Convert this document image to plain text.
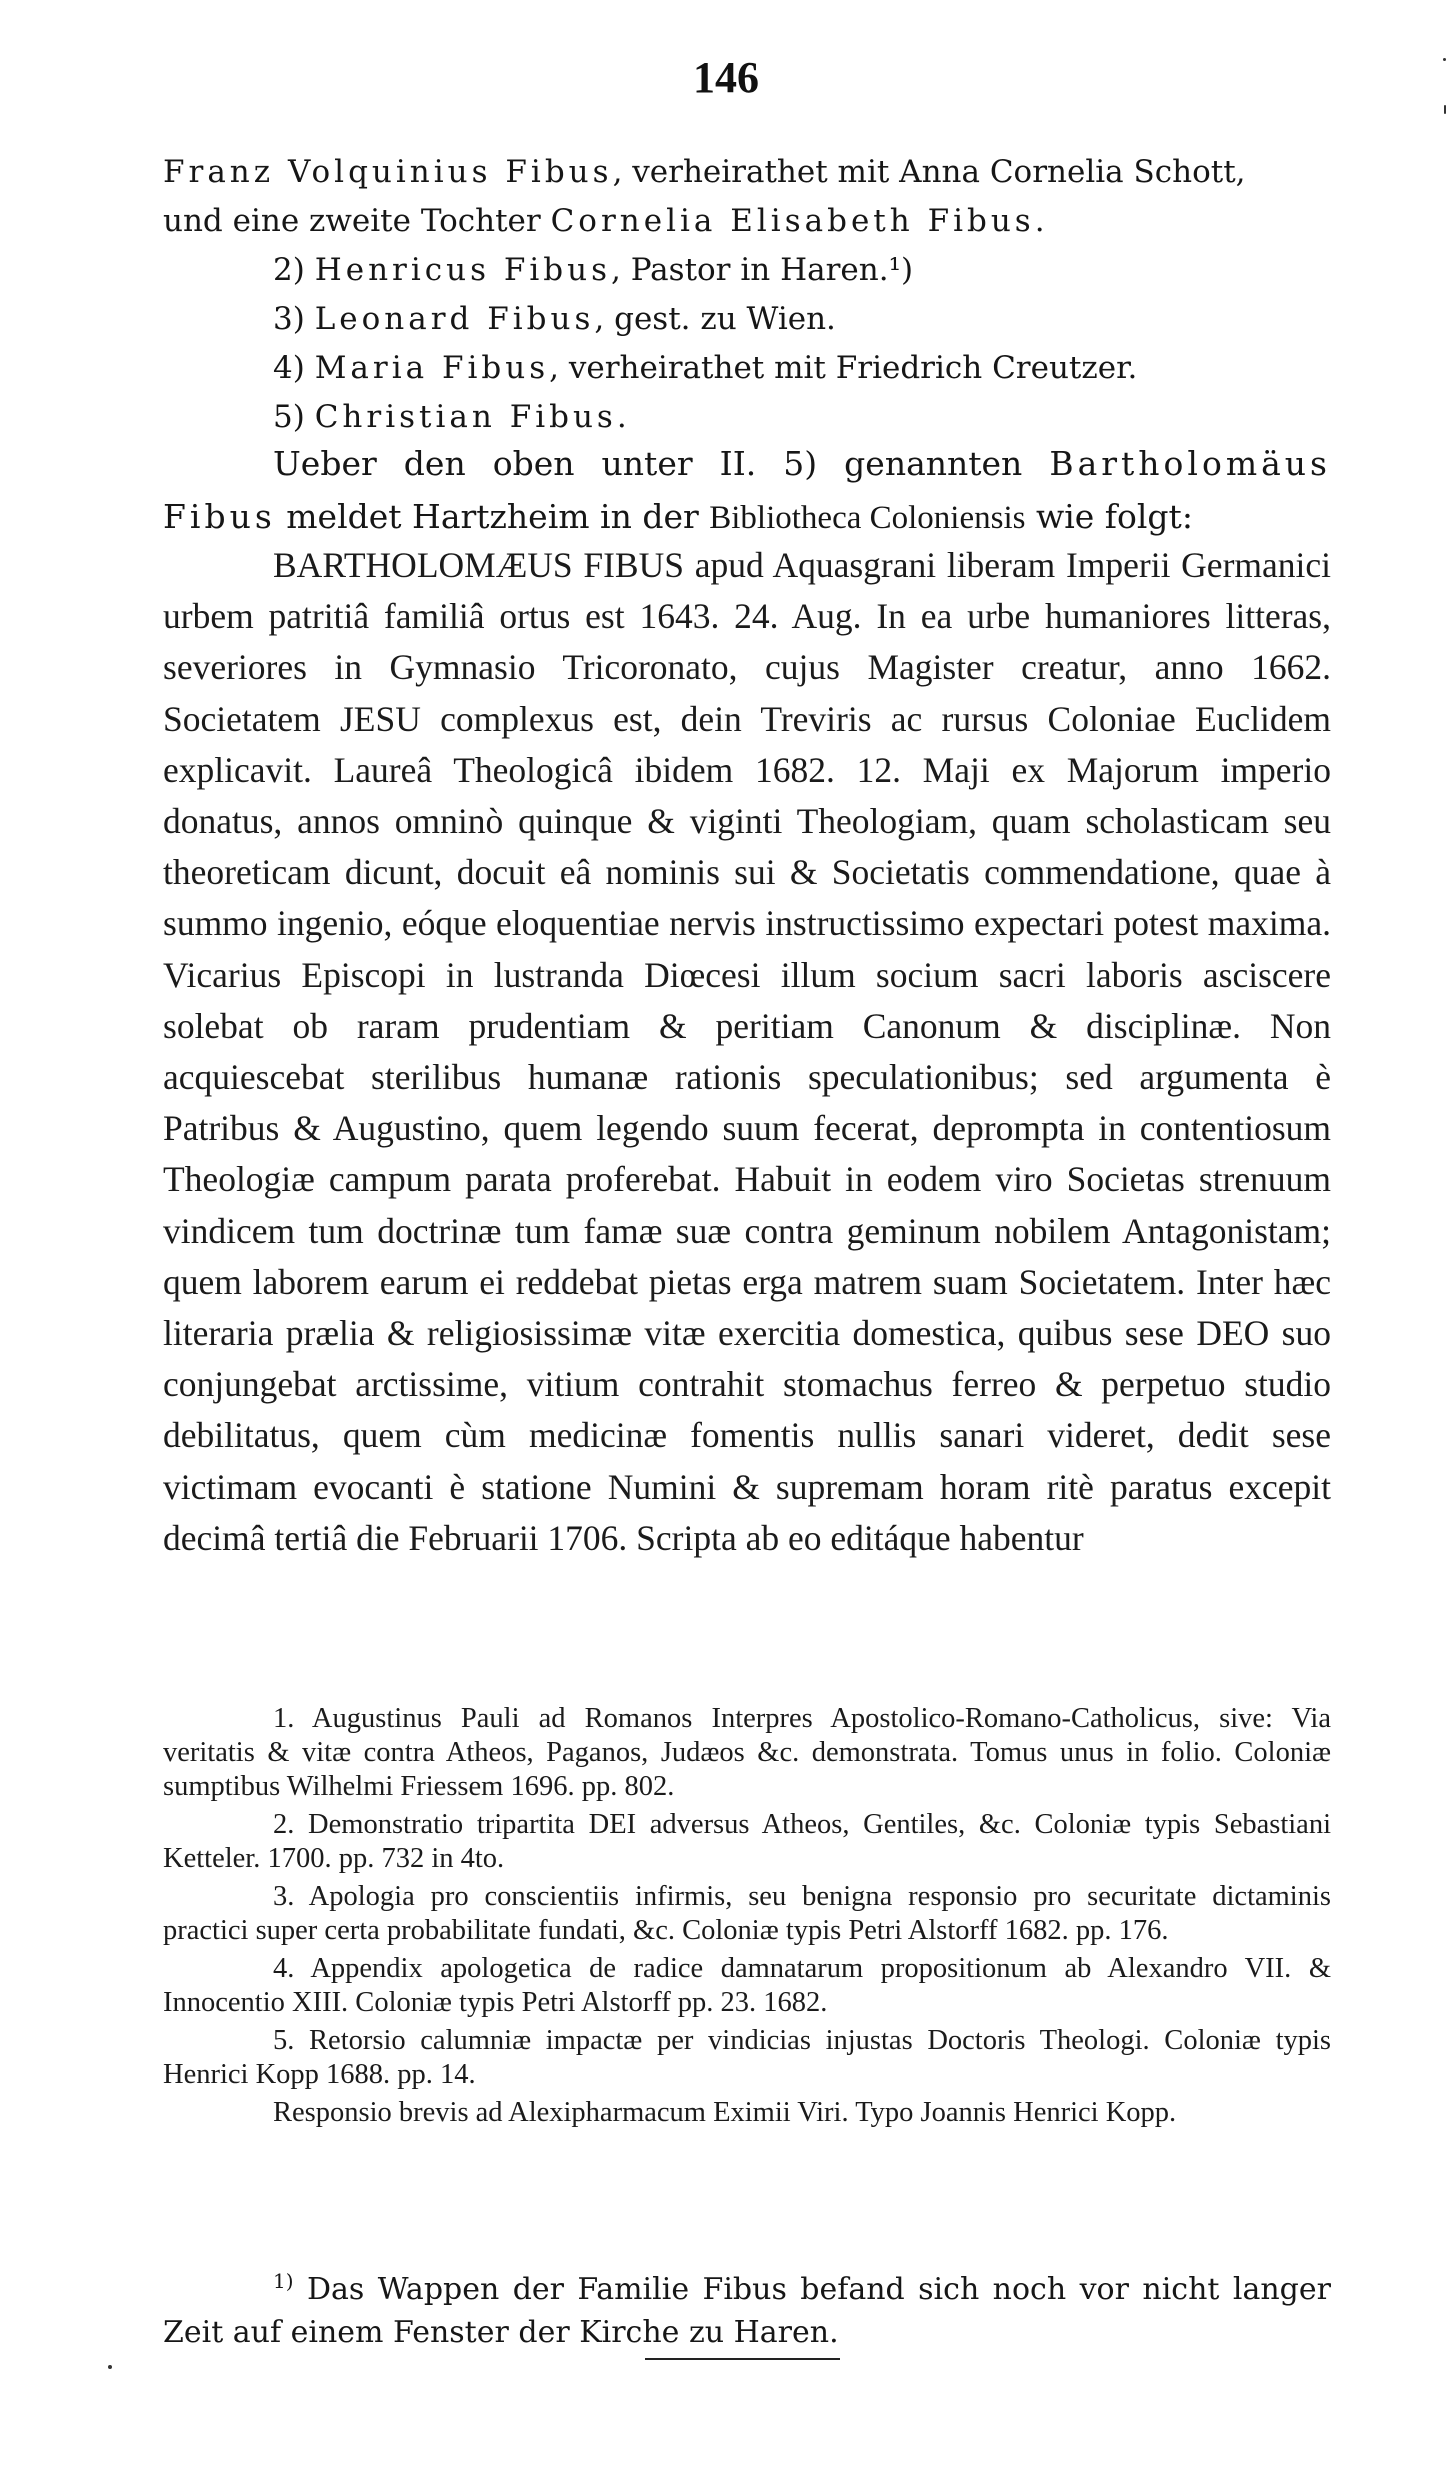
146
Franz Volquinius Fibus, verheirathet mit Anna Cornelia Schott,
und eine zweite Tochter Cornelia Elisabeth Fibus.
2) Henricus Fibus, Pastor in Haren.¹)
3) Leonard Fibus, gest. zu Wien.
4) Maria Fibus, verheirathet mit Friedrich Creutzer.
5) Christian Fibus.

Ueber den oben unter II. 5) genannten Bartholomäus Fibus meldet Hartzheim in der Bibliotheca Coloniensis wie folgt:

BARTHOLOMÆUS FIBUS apud Aquasgrani liberam Imperii Germanici urbem patritiâ familiâ ortus est 1643. 24. Aug. In ea urbe humaniores litteras, severiores in Gymnasio Tricoronato, cujus Magister creatur, anno 1662. Societatem JESU complexus est, dein Treviris ac rursus Coloniae Euclidem explicavit. Laureâ Theologicâ ibidem 1682. 12. Maji ex Majorum imperio donatus, annos omninò quinque & viginti Theologiam, quam scholasticam seu theoreticam dicunt, docuit eâ nominis sui & Societatis commendatione, quae à summo ingenio, eóque eloquentiae nervis instructissimo expectari potest maxima. Vicarius Episcopi in lustranda Diœcesi illum socium sacri laboris asciscere solebat ob raram prudentiam & peritiam Canonum & disciplinæ. Non acquiescebat sterilibus humanæ rationis speculationibus; sed argumenta è Patribus & Augustino, quem legendo suum fecerat, deprompta in contentiosum Theologiæ campum parata proferebat. Habuit in eodem viro Societas strenuum vindicem tum doctrinæ tum famæ suæ contra geminum nobilem Antagonistam; quem laborem earum ei reddebat pietas erga matrem suam Societatem. Inter hæc literaria prælia & religiosissimæ vitæ exercitia domestica, quibus sese DEO suo conjungebat arctissime, vitium contrahit stomachus ferreo & perpetuo studio debilitatus, quem cùm medicinæ fomentis nullis sanari videret, dedit sese victimam evocanti è statione Numini & supremam horam ritè paratus excepit decimâ tertiâ die Februarii 1706. Scripta ab eo editáque habentur

1. Augustinus Pauli ad Romanos Interpres Apostolico-Romano-Catholicus, sive: Via veritatis & vitæ contra Atheos, Paganos, Judæos &c. demonstrata. Tomus unus in folio. Coloniæ sumptibus Wilhelmi Friessem 1696. pp. 802.

2. Demonstratio tripartita DEI adversus Atheos, Gentiles, &c. Coloniæ typis Sebastiani Ketteler. 1700. pp. 732 in 4to.

3. Apologia pro conscientiis infirmis, seu benigna responsio pro securitate dictaminis practici super certa probabilitate fundati, &c. Coloniæ typis Petri Alstorff 1682. pp. 176.

4. Appendix apologetica de radice damnatarum propositionum ab Alexandro VII. & Innocentio XIII. Coloniæ typis Petri Alstorff pp. 23. 1682.

5. Retorsio calumniæ impactæ per vindicias injustas Doctoris Theologi. Coloniæ typis Henrici Kopp 1688. pp. 14.

Responsio brevis ad Alexipharmacum Eximii Viri. Typo Joannis Henrici Kopp.

$^{1)}$ Das Wappen der Familie Fibus befand sich noch vor nicht langer Zeit auf einem Fenster der Kirche zu Haren.
